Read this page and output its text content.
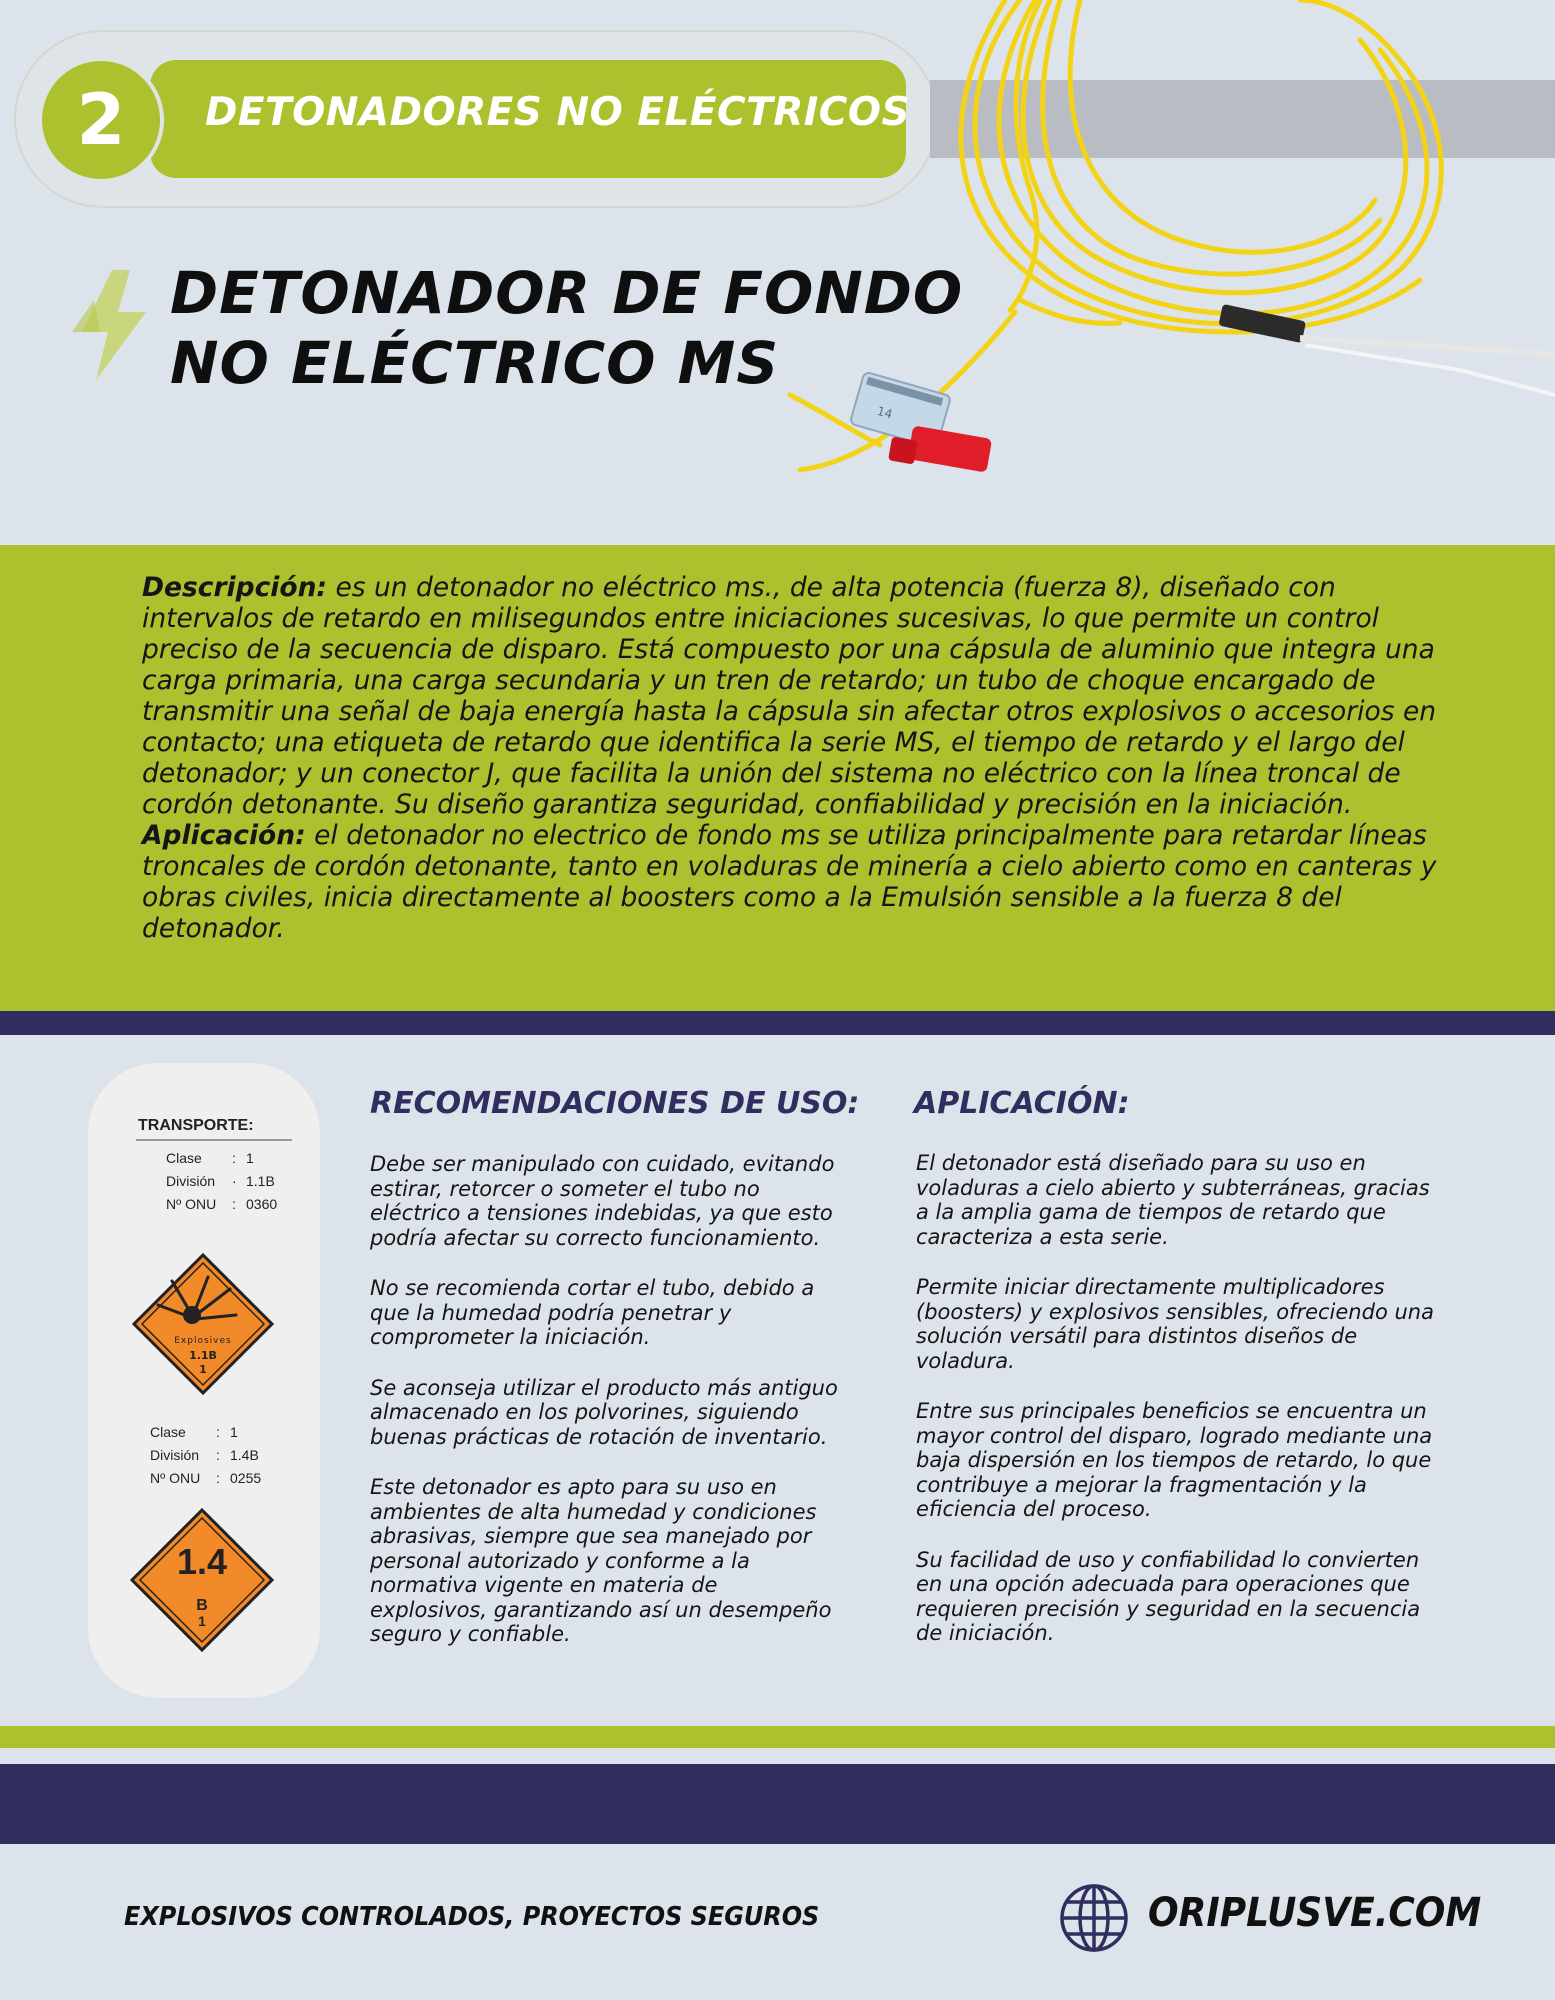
2	DETONADORES NO ELÉCTRICOS
DETONADOR DE FONDO
NO ELÉCTRICO MS
14
Descripción: es un detonador no eléctrico ms., de alta potencia (fuerza 8), diseñado con intervalos de retardo en milisegundos entre iniciaciones sucesivas, lo que permite un control preciso de la secuencia de disparo. Está compuesto por una cápsula de aluminio que integra una carga primaria, una carga secundaria y un tren de retardo; un tubo de choque encargado de transmitir una señal de baja energía hasta la cápsula sin afectar otros explosivos o accesorios en contacto; una etiqueta de retardo que identifica la serie MS, el tiempo de retardo y el largo del detonador; y un conector J, que facilita la unión del sistema no eléctrico con la línea troncal de cordón detonante. Su diseño garantiza seguridad, confiabilidad y precisión en la iniciación.
Aplicación: el detonador no electrico de fondo ms se utiliza principalmente para retardar líneas troncales de cordón detonante, tanto en voladuras de minería a cielo abierto como en canteras y obras civiles, inicia directamente al boosters como a la Emulsión sensible a la fuerza 8 del detonador.
TRANSPORTE:
Clase	: 1
División	· 1.1B
Nº ONU	: 0360
Explosives
1.1B
1
Clase	: 1
División	: 1.4B
Nº ONU	: 0255
1.4
B
1
RECOMENDACIONES DE USO:

Debe ser manipulado con cuidado, evitando estirar, retorcer o someter el tubo no eléctrico a tensiones indebidas, ya que esto podría afectar su correcto funcionamiento.

No se recomienda cortar el tubo, debido a que la humedad podría penetrar y comprometer la iniciación.

Se aconseja utilizar el producto más antiguo almacenado en los polvorines, siguiendo buenas prácticas de rotación de inventario.

Este detonador es apto para su uso en ambientes de alta humedad y condiciones abrasivas, siempre que sea manejado por personal autorizado y conforme a la normativa vigente en materia de explosivos, garantizando así un desempeño seguro y confiable.

APLICACIÓN:

El detonador está diseñado para su uso en voladuras a cielo abierto y subterráneas, gracias a la amplia gama de tiempos de retardo que caracteriza a esta serie.

Permite iniciar directamente multiplicadores (boosters) y explosivos sensibles, ofreciendo una solución versátil para distintos diseños de voladura.

Entre sus principales beneficios se encuentra un mayor control del disparo, logrado mediante una baja dispersión en los tiempos de retardo, lo que contribuye a mejorar la fragmentación y la eficiencia del proceso.

Su facilidad de uso y confiabilidad lo convierten en una opción adecuada para operaciones que requieren precisión y seguridad en la secuencia de iniciación.

EXPLOSIVOS CONTROLADOS, PROYECTOS SEGUROS	ORIPLUSVE.COM
